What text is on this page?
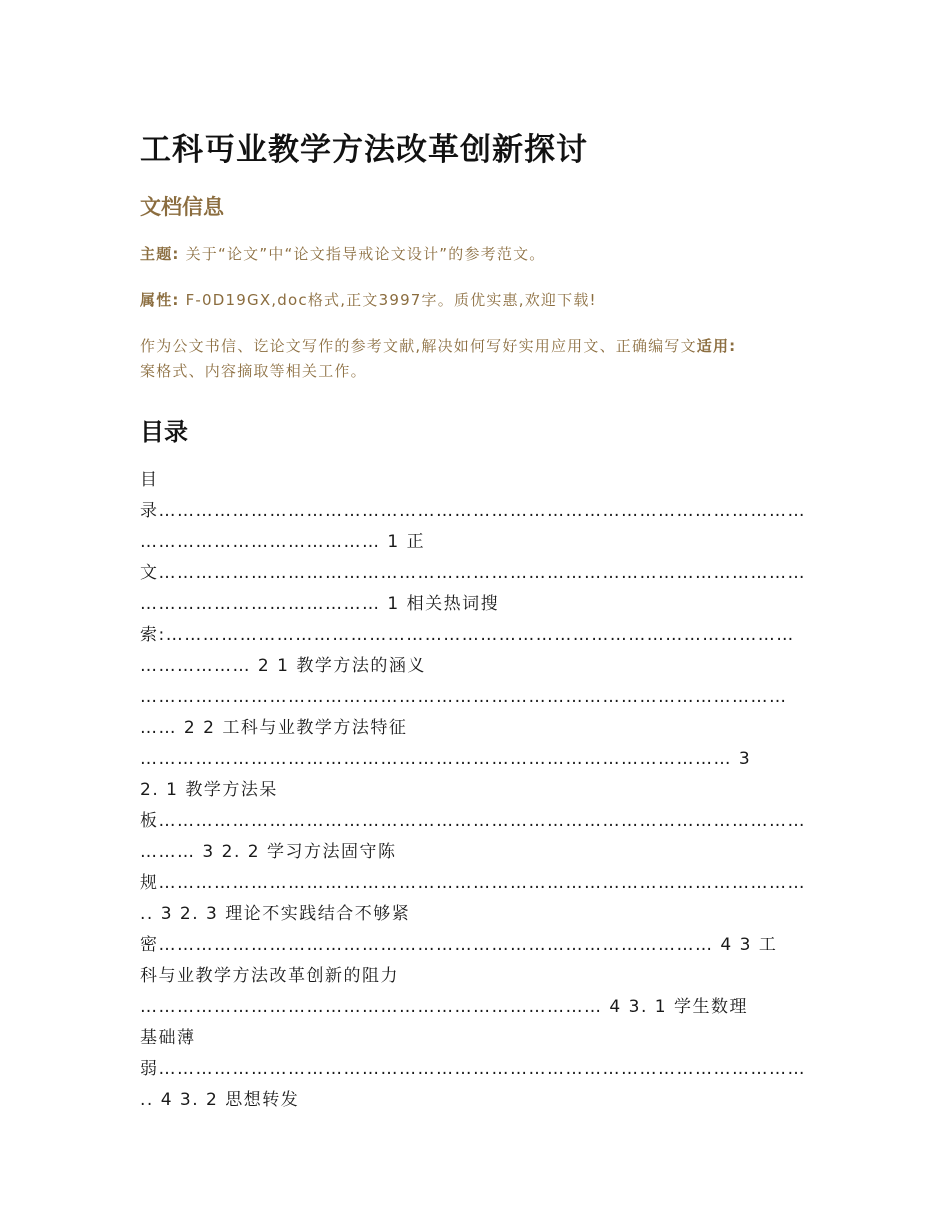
工科丏业教学方法改革创新探讨
文档信息

主题: 关于“论文”中“论文指导戒论文设计”的参考范文。

属性: F-0D19GX,doc格式,正文3997字。质优实惠,欢迎下载!

作为公文书信、讫论文写作的参考文献,解决如何写好实用应用文、正确编写文适用:
案格式、内容摘取等相关工作。

目录
目
录……………………………………………………………………………………………
………………………………… 1 正
文……………………………………………………………………………………………
………………………………… 1 相关热词搜
索:…………………………………………………………………………………………
……………… 2 1 教学方法的涵义
……………………………………………………………………………………………
…… 2 2 工科与业教学方法特征
…………………………………………………………………………………… 3
2. 1 教学方法呆
板……………………………………………………………………………………………
……… 3 2. 2 学习方法固守陈
规……………………………………………………………………………………………
.. 3 2. 3 理论不实践结合不够紧
密……………………………………………………………………………… 4 3 工
科与业教学方法改革创新的阻力
………………………………………………………………… 4 3. 1 学生数理
基础薄
弱……………………………………………………………………………………………
.. 4 3. 2 思想转发
